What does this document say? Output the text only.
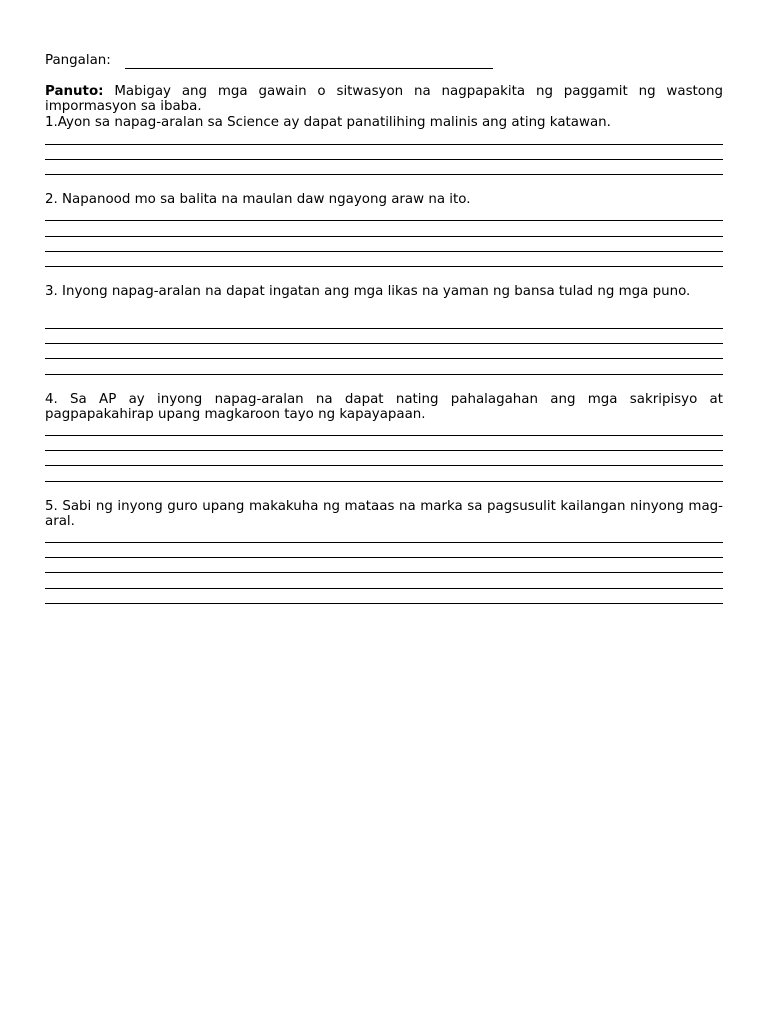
Pangalan:
Panuto: Mabigay ang mga gawain o sitwasyon na nagpapakita ng paggamit ng wastong impormasyon sa ibaba.
1.Ayon sa napag-aralan sa Science ay dapat panatilihing malinis ang ating katawan.
2. Napanood mo sa balita na maulan daw ngayong araw na ito.
3. Inyong napag-aralan na dapat ingatan ang mga likas na yaman ng bansa tulad ng mga puno.
4. Sa AP ay inyong napag-aralan na dapat nating pahalagahan ang mga sakripisyo at pagpapakahirap upang magkaroon tayo ng kapayapaan.
5. Sabi ng inyong guro upang makakuha ng mataas na marka sa pagsusulit kailangan ninyong mag-aral.
